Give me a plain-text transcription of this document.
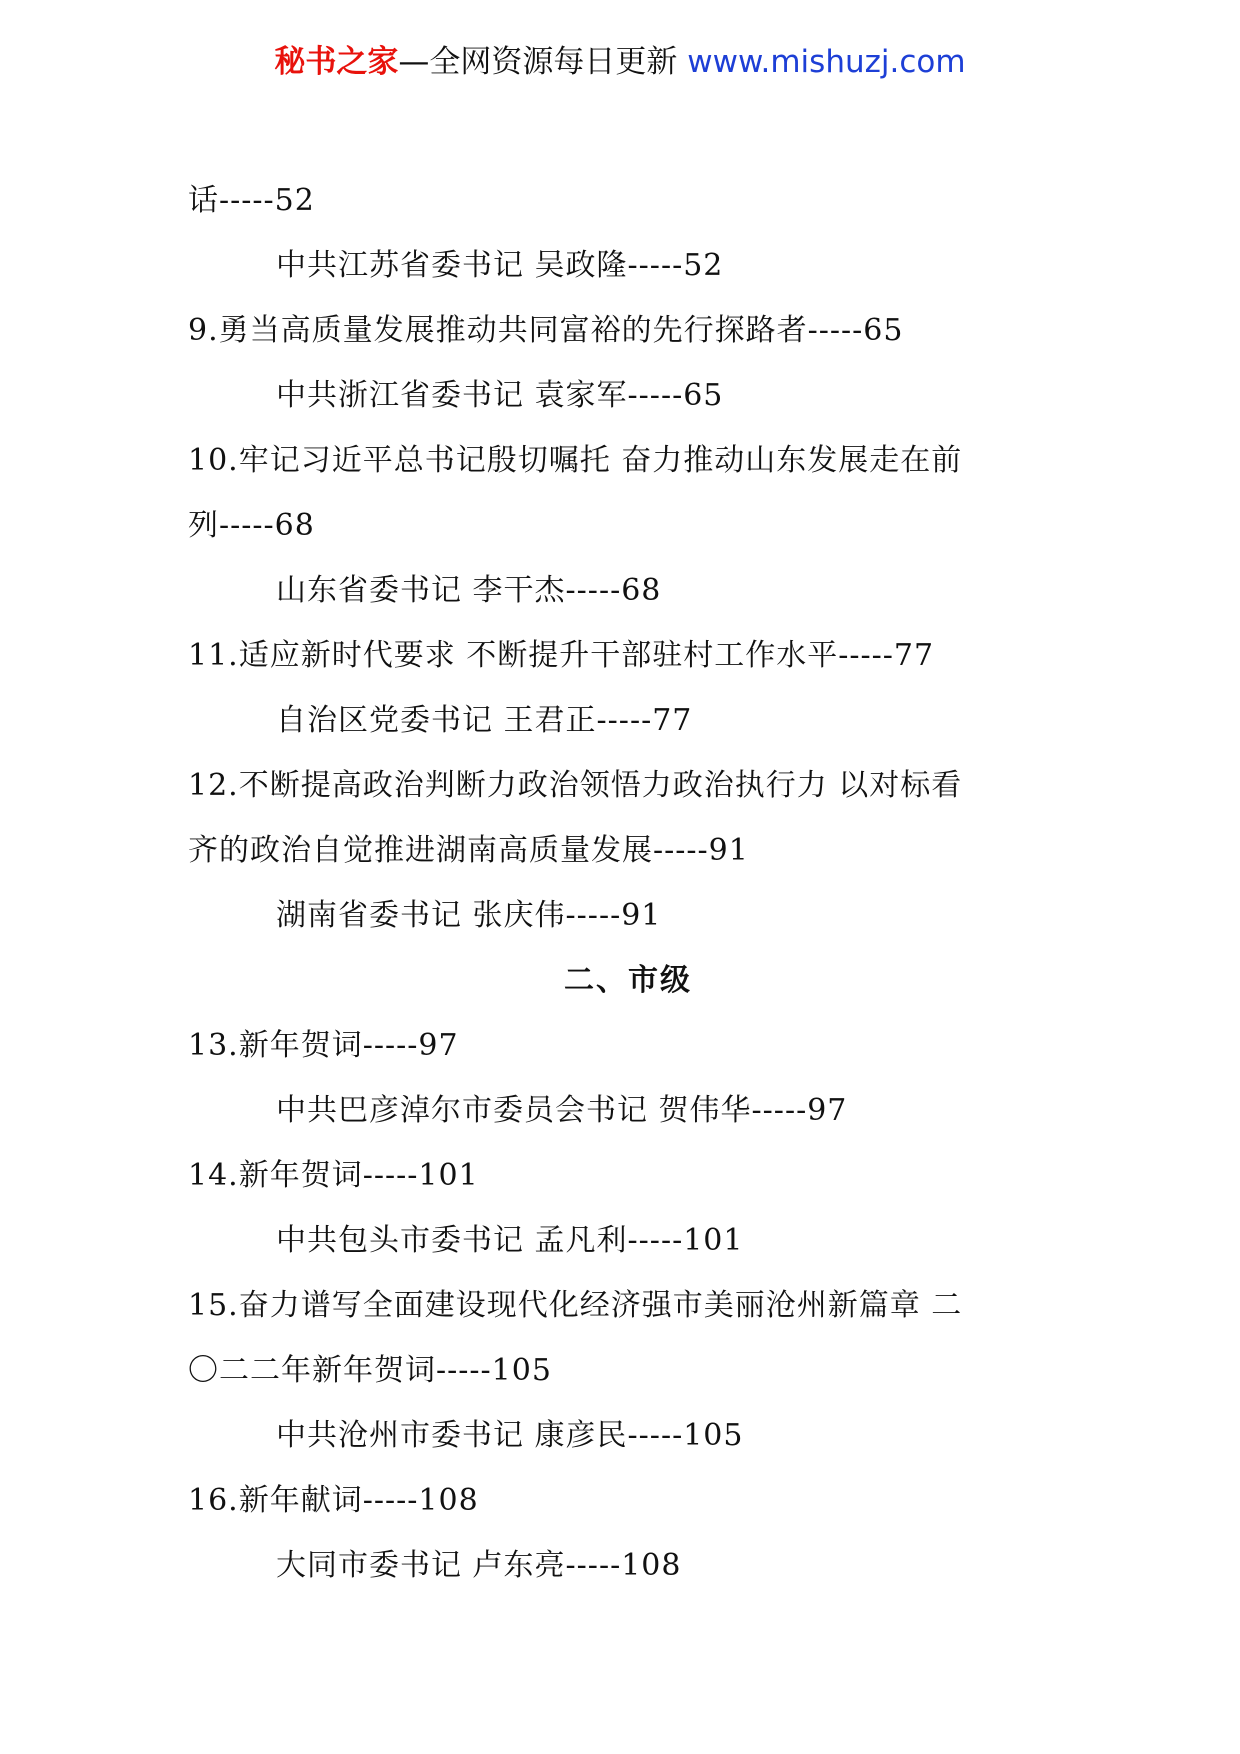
秘书之家—全网资源每日更新 www.mishuzj.com
话-----52
中共江苏省委书记 吴政隆-----52
9.勇当高质量发展推动共同富裕的先行探路者-----65
中共浙江省委书记 袁家军-----65
10.牢记习近平总书记殷切嘱托 奋力推动山东发展走在前
列-----68
山东省委书记 李干杰-----68
11.适应新时代要求 不断提升干部驻村工作水平-----77
自治区党委书记 王君正-----77
12.不断提高政治判断力政治领悟力政治执行力 以对标看
齐的政治自觉推进湖南高质量发展-----91
湖南省委书记 张庆伟-----91
二、市级
13.新年贺词-----97
中共巴彦淖尔市委员会书记 贺伟华-----97
14.新年贺词-----101
中共包头市委书记 孟凡利-----101
15.奋力谱写全面建设现代化经济强市美丽沧州新篇章 二
〇二二年新年贺词-----105
中共沧州市委书记 康彦民-----105
16.新年献词-----108
大同市委书记 卢东亮-----108
